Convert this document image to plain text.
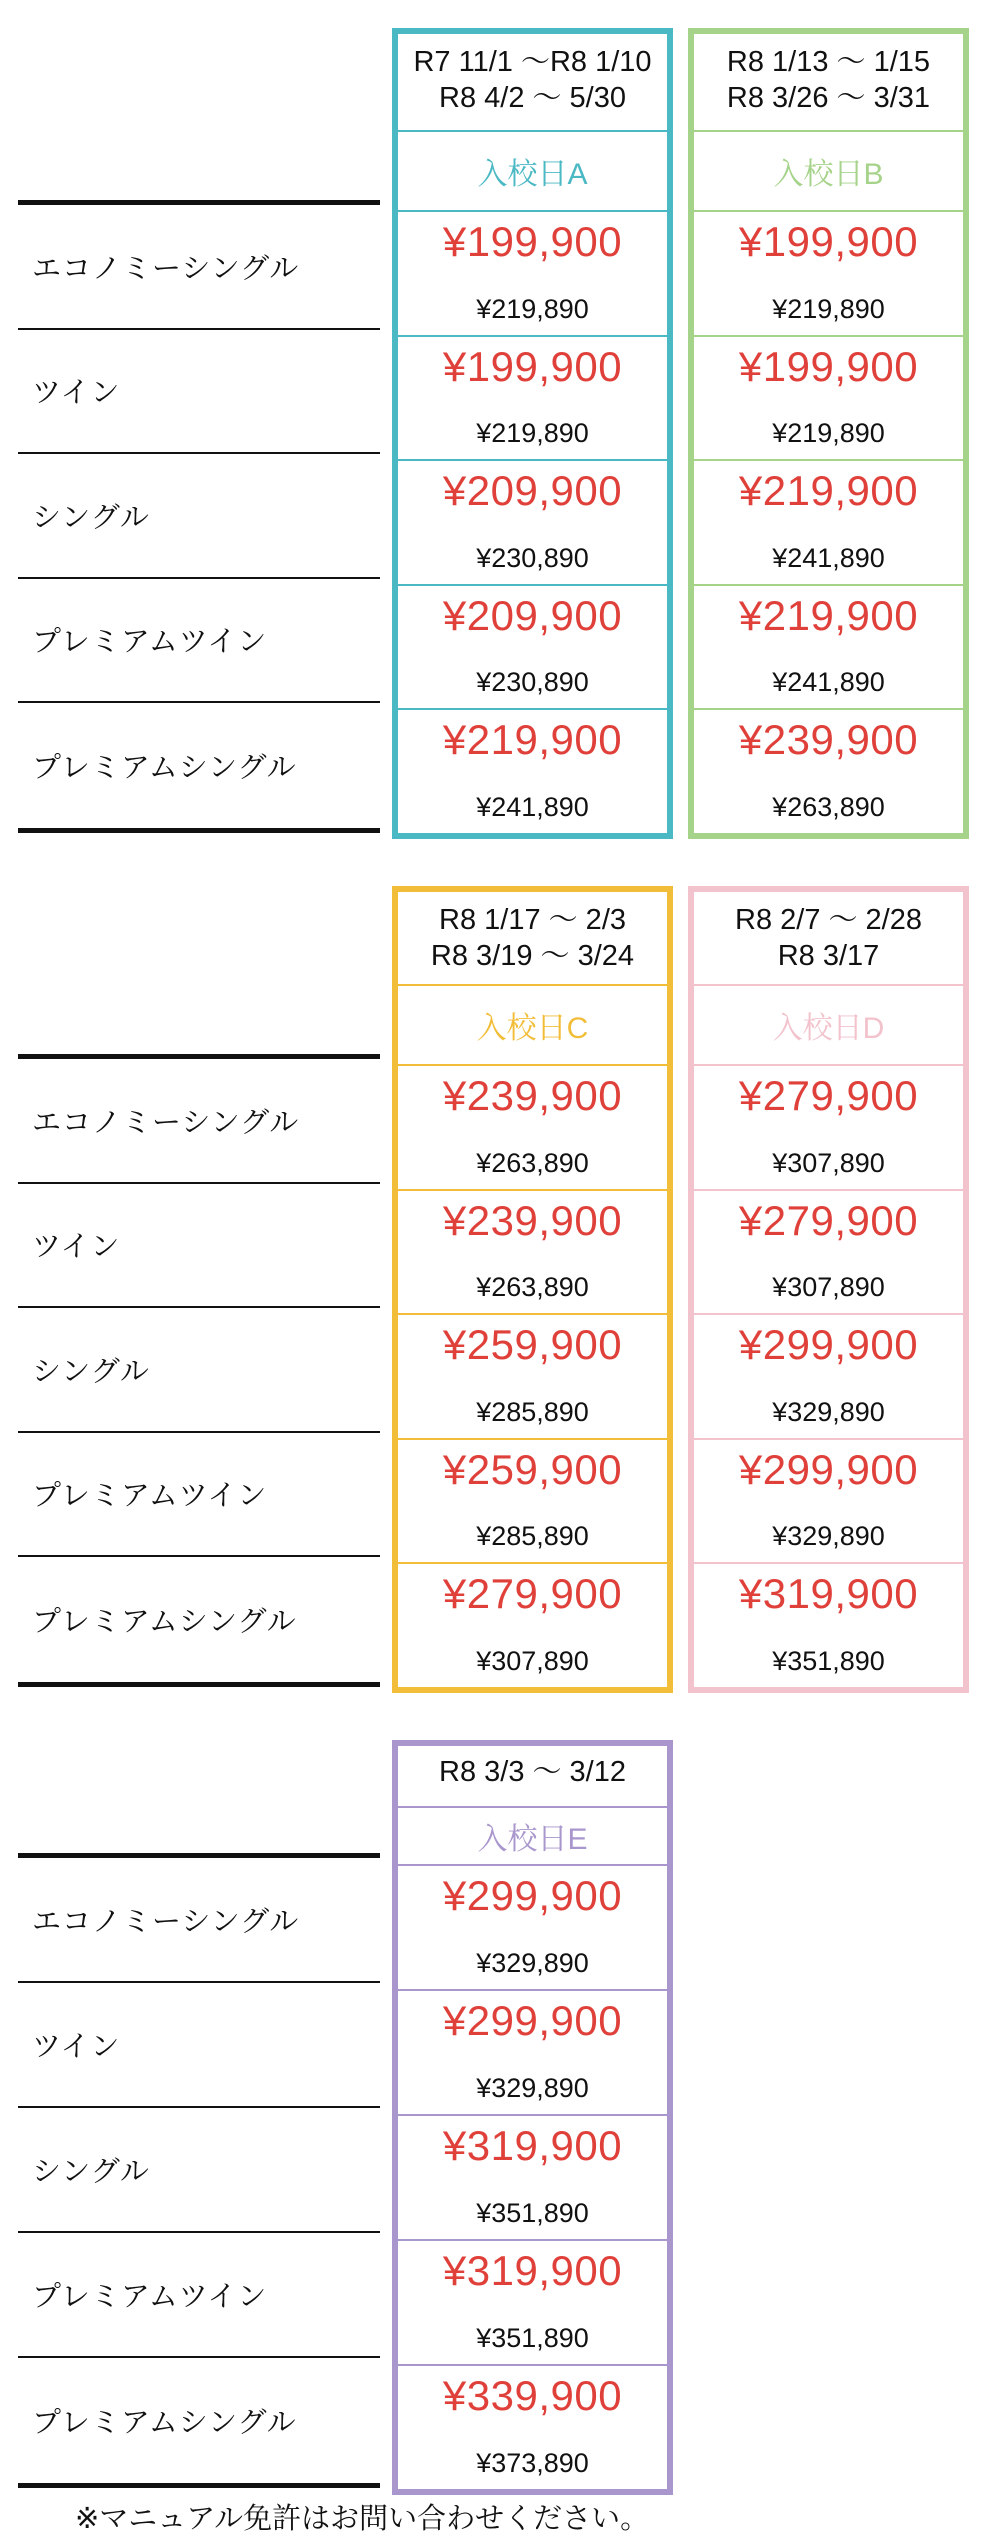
エコノミーシングル
ツイン
シングル
プレミアムツイン
プレミアムシングル
R7 11/1 〜R8 1/10
R8 4/2 〜 5/30
入校日A
¥199,900
¥219,890
¥199,900
¥219,890
¥209,900
¥230,890
¥209,900
¥230,890
¥219,900
¥241,890
R8 1/13 〜 1/15
R8 3/26 〜 3/31
入校日B
¥199,900
¥219,890
¥199,900
¥219,890
¥219,900
¥241,890
¥219,900
¥241,890
¥239,900
¥263,890
エコノミーシングル
ツイン
シングル
プレミアムツイン
プレミアムシングル
R8 1/17 〜 2/3
R8 3/19 〜 3/24
入校日C
¥239,900
¥263,890
¥239,900
¥263,890
¥259,900
¥285,890
¥259,900
¥285,890
¥279,900
¥307,890
R8 2/7 〜 2/28
R8 3/17
入校日D
¥279,900
¥307,890
¥279,900
¥307,890
¥299,900
¥329,890
¥299,900
¥329,890
¥319,900
¥351,890
エコノミーシングル
ツイン
シングル
プレミアムツイン
プレミアムシングル
R8 3/3 〜 3/12
入校日E
¥299,900
¥329,890
¥299,900
¥329,890
¥319,900
¥351,890
¥319,900
¥351,890
¥339,900
¥373,890
※マニュアル免許はお問い合わせください。
